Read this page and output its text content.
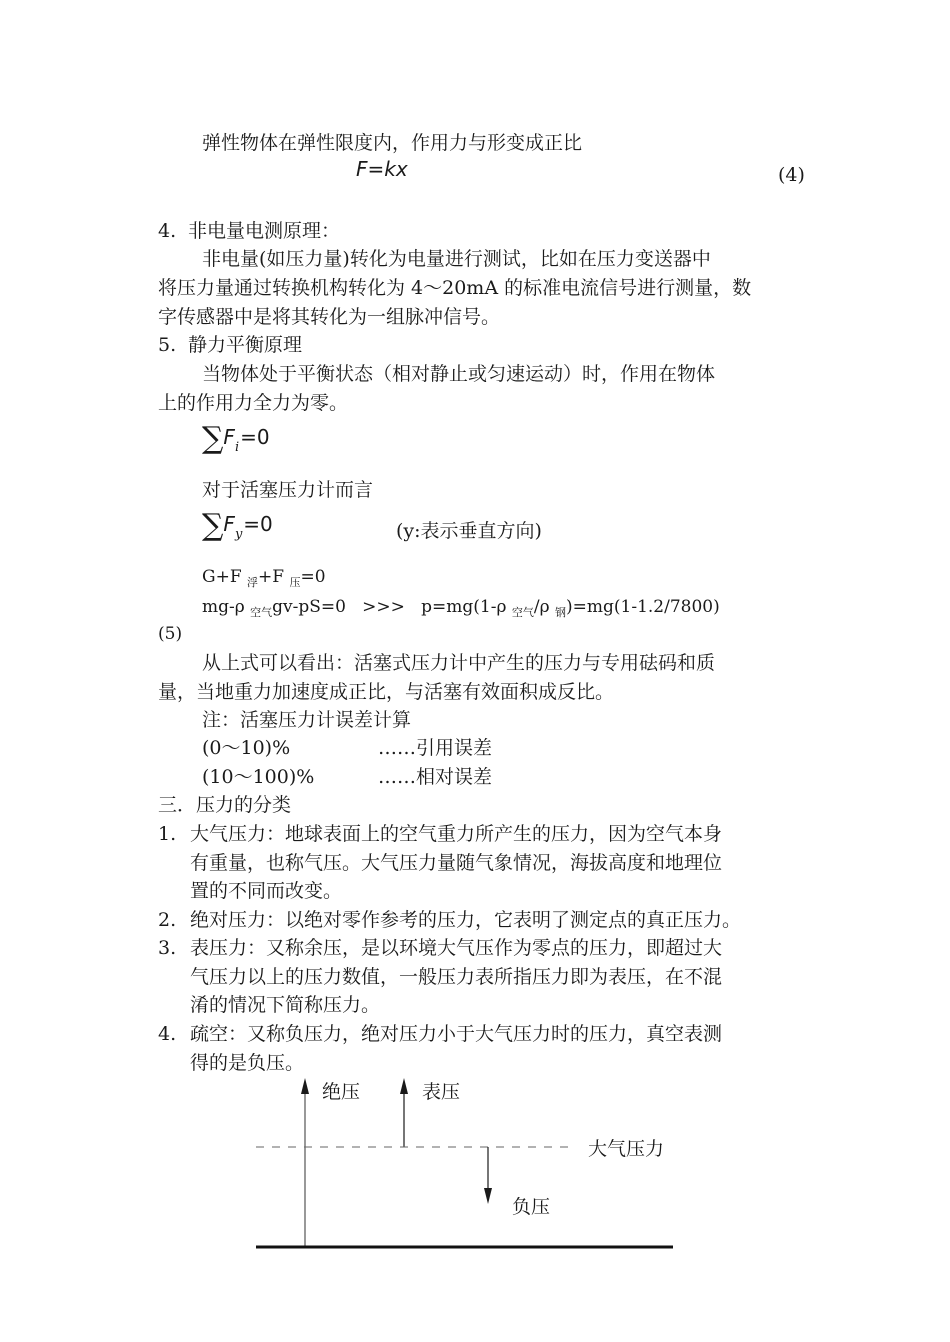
弹性物体在弹性限度内，作用力与形变成正比
F=kx	(4)
4. 非电量电测原理：
非电量(如压力量)转化为电量进行测试，比如在压力变送器中
将压力量通过转换机构转化为 4～20mA 的标准电流信号进行测量，数
字传感器中是将其转化为一组脉冲信号。
5. 静力平衡原理
当物体处于平衡状态（相对静止或匀速运动）时，作用在物体
上的作用力全力为零。
$\sum F_i=0$
对于活塞压力计而言
$\sum F_y=0$	(y:表示垂直方向)
G+F $_浮$+F $_压$=0
mg-ρ $_{空气}$gv-pS=0   >>>   p=mg(1-ρ $_{空气}$/ρ $_钢$)=mg(1-1.2/7800)
(5)
从上式可以看出：活塞式压力计中产生的压力与专用砝码和质
量，当地重力加速度成正比，与活塞有效面积成反比。
注：活塞压力计误差计算
(0～10)%	……引用误差
(10～100)%	……相对误差
三．压力的分类
1. 大气压力：地球表面上的空气重力所产生的压力，因为空气本身
有重量，也称气压。大气压力量随气象情况，海拔高度和地理位
置的不同而改变。
2. 绝对压力：以绝对零作参考的压力，它表明了测定点的真正压力。
3. 表压力：又称余压，是以环境大气压作为零点的压力，即超过大
气压力以上的压力数值，一般压力表所指压力即为表压，在不混
淆的情况下简称压力。
4. 疏空：又称负压力，绝对压力小于大气压力时的压力，真空表测
得的是负压。
绝压	表压
大气压力
负压
